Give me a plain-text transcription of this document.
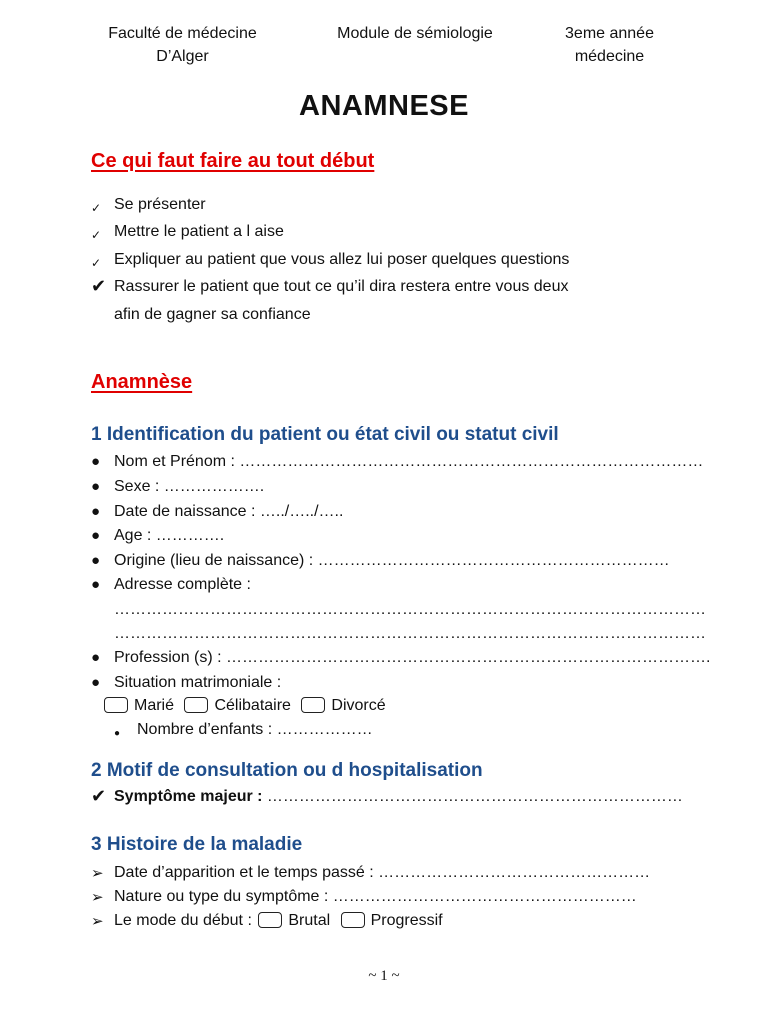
Faculté de médecine
D’Alger
Module de sémiologie	3eme année
médecine
ANAMNESE
Ce qui faut faire au tout début
✓ Se présenter
✓ Mettre le patient a l aise
✓ Expliquer au patient que vous allez lui poser quelques questions
✔ Rassurer le patient que tout ce qu’il dira restera entre vous deux
afin de gagner sa confiance
Anamnèse
1 Identification du patient ou état civil ou statut civil
● Nom et Prénom : ……………………………………………………………………………
● Sexe : ……………….
● Date de naissance : …../…../…..
● Age : ………….
● Origine (lieu de naissance) : …………………………………………………………
● Adresse complète :
…………………………………………………………………………………………………
…………………………………………………………………………………………………
● Profession (s) : ……………………………………………………………………………….
● Situation matrimoniale :
Marié	Célibataire	Divorcé
●	Nombre d’enfants : ………………
2 Motif de consultation ou d hospitalisation
✔ Symptôme majeur : ……………………………………………………………………
3 Histoire de la maladie
➢ Date d’apparition et le temps passé : ……………………………………………
➢ Nature ou type du symptôme : …………………………………………………
➢ Le mode du début : Brutal	Progressif
~ 1 ~
